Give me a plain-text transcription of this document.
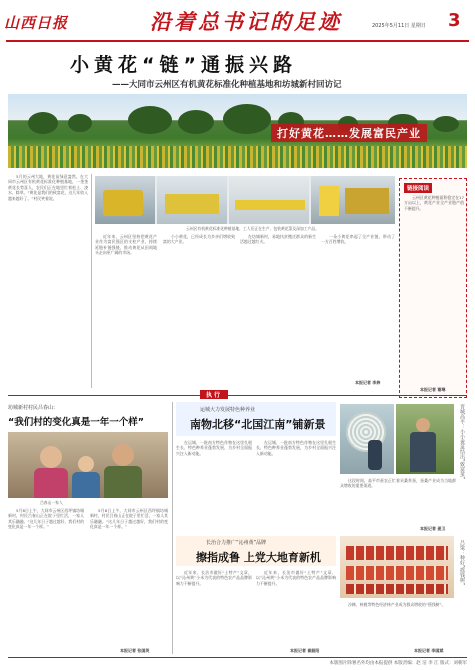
山西日报	沿着总书记的足迹	2025年5月11日 星期日 3
小黄花“链”通振兴路
——大同市云州区有机黄花标准化种植基地和坊城新村回访记
打好黄花……发展富民产业
5月的云州大地，黄花苗绿意盎然。在大同市云州区有机黄花标准化种植基地，一垄垄黄花长势喜人，农民们正在地里忙着松土、浇水、除草。“黄花是我们的致富花，这几年收入越来越好了。”村民笑着说。
云州区有机黄花标准化种植基地，工人们正在生产、包装黄花菜及深加工产品。
近年来，云州区坚持把黄花产业作为富民强区的支柱产业，持续延链补链强链，推动黄花从田间地头走向更广阔的市场。
小小黄花，已经成长为乡亲们增收致富的大产业。
在坊城新村，易地扶贫搬迁群众的新生活越过越红火。
一朵小黄花串起了全产业链，带动了一方百姓增收。
本报记者 李炜
链接阅读
云州区黄花种植面积稳定在17万亩以上，黄花产业全产业链产值不断提升。
本报记者 谢琳
执行
坊城新村村民吕春山：
“我们村的变化真是一年一个样”
吕春山一家人
5月8日上午，大同市云州区西坪镇坊城新村，村民吕春山正在院子里忙活，一家人其乐融融。“这几年日子越过越好，我们村的变化真是一年一个样。”
5月8日上午，大同市云州区西坪镇坊城新村，村民吕春山正在院子里忙活，一家人其乐融融。“这几年日子越过越好，我们村的变化真是一年一个样。”
本报记者 张国英
运城大力发展特色种养业
南物北移“北国江南”铺新景
在运城，一批南方特色作物在这里扎根生长，特色种养业蓬勃发展，为乡村全面振兴注入新动能。
在运城，一批南方特色作物在这里扎根生长，特色种养业蓬勃发展，为乡村全面振兴注入新动能。	晋城高平：小小蚕茧结出“致富茧”
这段时间，高平市蚕农正忙着采桑养蚕，蚕桑产业成为当地群众增收的重要渠道。
本报记者 姜卫
长治合力推广“沁州黄”品牌
擦指成鲁 上党大地育新机
近年来，长治市做好“土特产”文章，以“沁州黄”小米为代表的特色农产品品牌影响力不断提升。
近年来，长治市做好“土特产”文章，以“沁州黄”小米为代表的特色农产品品牌影响力不断提升。
本报记者 崔韶阳
沙棘、核桃等特色经济林产业成为群众增收的“摇钱树”。
吕梁：种好“摇钱树”
本报记者 李国斌
本版图片除署名外均由本报提供 本版责编：赵 洁 李 江 版式：刘朝军
